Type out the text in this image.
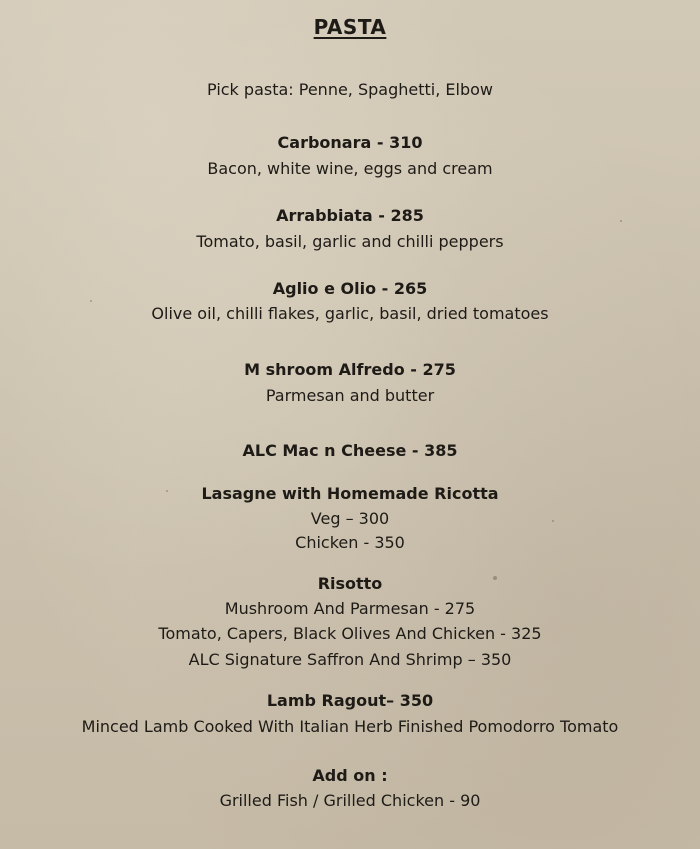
PASTA
Pick pasta: Penne, Spaghetti, Elbow
Carbonara - 310
Bacon, white wine, eggs and cream
Arrabbiata - 285
Tomato, basil, garlic and chilli peppers
Aglio e Olio - 265
Olive oil, chilli flakes, garlic, basil, dried tomatoes
M shroom Alfredo - 275
Parmesan and butter
ALC Mac n Cheese - 385
Lasagne with Homemade Ricotta
Veg – 300
Chicken - 350
Risotto
Mushroom And Parmesan - 275
Tomato, Capers, Black Olives And Chicken - 325
ALC Signature Saffron And Shrimp – 350
Lamb Ragout– 350
Minced Lamb Cooked With Italian Herb Finished Pomodorro Tomato
Add on :
Grilled Fish / Grilled Chicken - 90
